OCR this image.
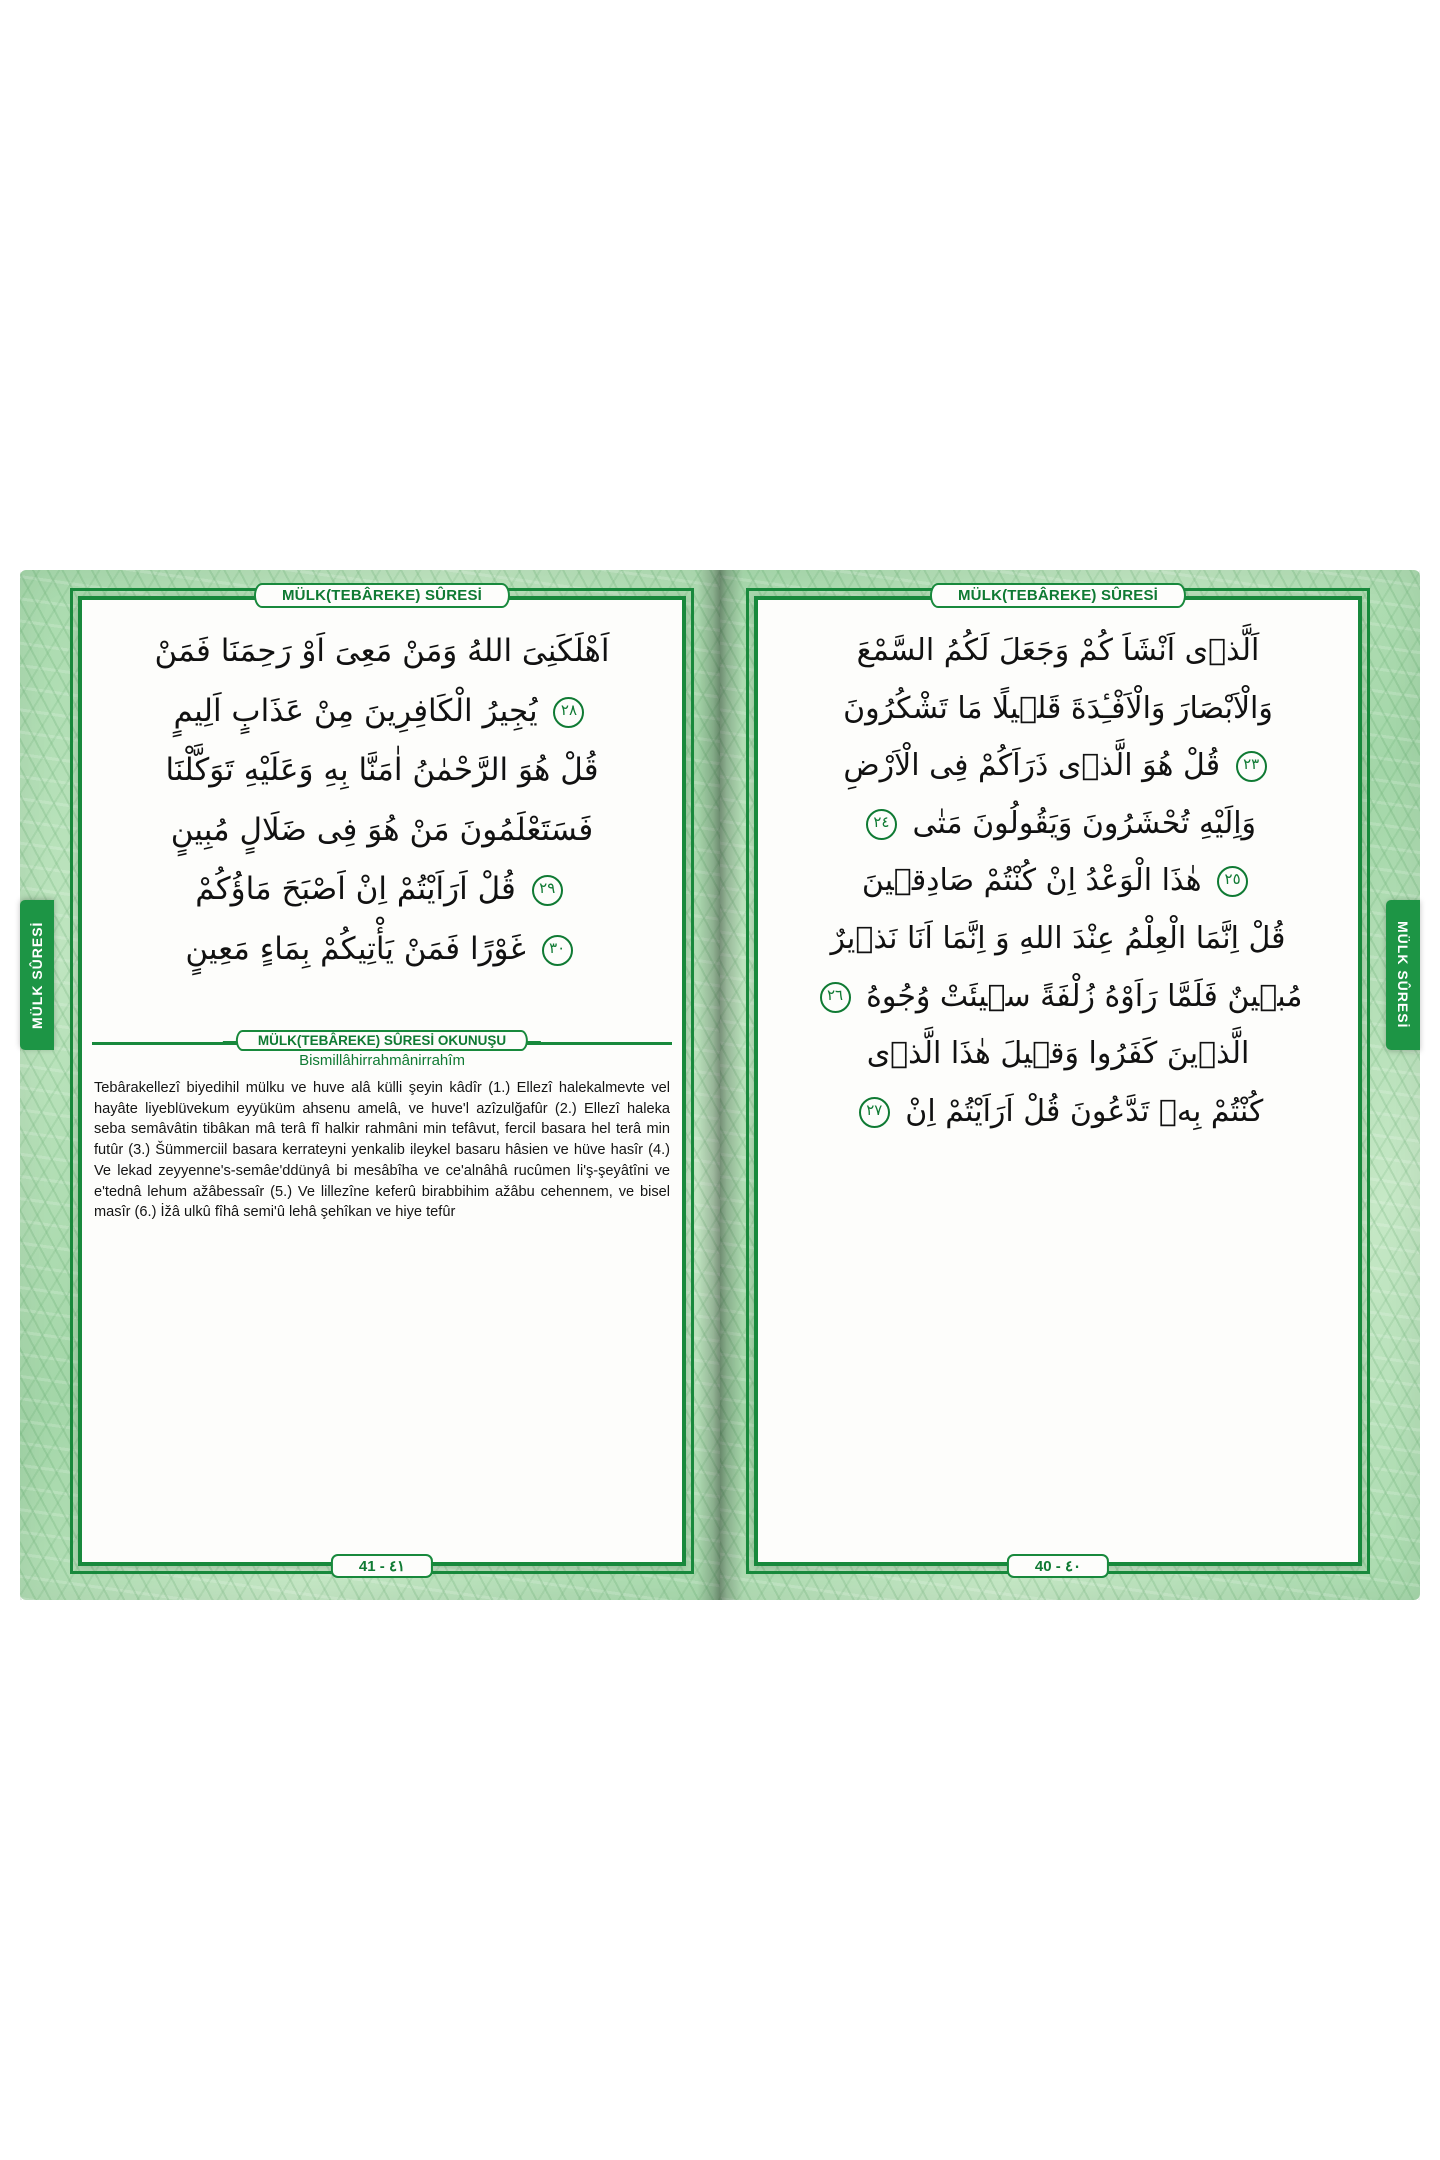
MÜLK SÛRESİ
MÜLK(TEBÂREKE) SÛRESİ
اَهْلَكَنِىَ اللهُ وَمَنْ مَعِىَ اَوْ رَحِمَنَا فَمَنْ
٢٨ يُجِيرُ الْكَافِرِينَ مِنْ عَذَابٍ اَلِيمٍ
قُلْ هُوَ الرَّحْمٰنُ اٰمَنَّا بِهِ وَعَلَيْهِ تَوَكَّلْنَا
فَسَتَعْلَمُونَ مَنْ هُوَ فِى ضَلَالٍ مُبِينٍ
٢٩ قُلْ اَرَاَيْتُمْ اِنْ اَصْبَحَ مَاؤُكُمْ
٣٠ غَوْرًا فَمَنْ يَأْتِيكُمْ بِمَاءٍ مَعِينٍ
MÜLK(TEBÂREKE) SÛRESİ OKUNUŞU
Bismillâhirrahmânirrahîm
Tebârakellezî biyedihil mülku ve huve alâ külli şeyin kâdîr (1.) Ellezî halekalmevte vel hayâte liyeblüvekum eyyüküm ahsenu amelâ, ve huve'l azîzulğafûr (2.) Ellezî haleka seba semâvâtin tibâkan mâ terâ fî halkir rahmâni min tefâvut, fercil basara hel terâ min futûr (3.) Šümmerciil basara kerrateyni yenkalib ileykel basaru hâsien ve hüve hasîr (4.) Ve lekad zeyyenne's-semâe'ddünyâ bi mesâbîha ve ce'alnâhâ rucûmen li'ş-şeyâtîni ve e'tednâ lehum ažâbessaîr (5.) Ve lillezîne keferû birabbihim ažâbu cehennem, ve bisel masîr (6.) İžâ ulkû fîhâ semi'û lehâ şehîkan ve hiye tefûr
41 - ٤١
MÜLK SÛRESİ
MÜLK(TEBÂREKE) SÛRESİ
اَلَّذٖى اَنْشَاَ كُمْ وَجَعَلَ لَكُمُ السَّمْعَ
وَالْاَبْصَارَ وَالْاَفْـِٔدَةَ قَلٖيلًا مَا تَشْكُرُونَ
٢٣ قُلْ هُوَ الَّذٖى ذَرَاَكُمْ فِى الْاَرْضِ
وَاِلَيْهِ تُحْشَرُونَ وَيَقُولُونَ مَتٰى ٢٤
٢٥ هٰذَا الْوَعْدُ اِنْ كُنْتُمْ صَادِقٖينَ
قُلْ اِنَّمَا الْعِلْمُ عِنْدَ اللهِ وَ اِنَّمَا اَنَا نَذٖيرٌ
مُبٖينٌ فَلَمَّا رَاَوْهُ زُلْفَةً سٖيئَتْ وُجُوهُ ٢٦
الَّذٖينَ كَفَرُوا وَقٖيلَ هٰذَا الَّذٖى
كُنْتُمْ بِهٖ تَدَّعُونَ قُلْ اَرَاَيْتُمْ اِنْ ٢٧
40 - ٤٠
